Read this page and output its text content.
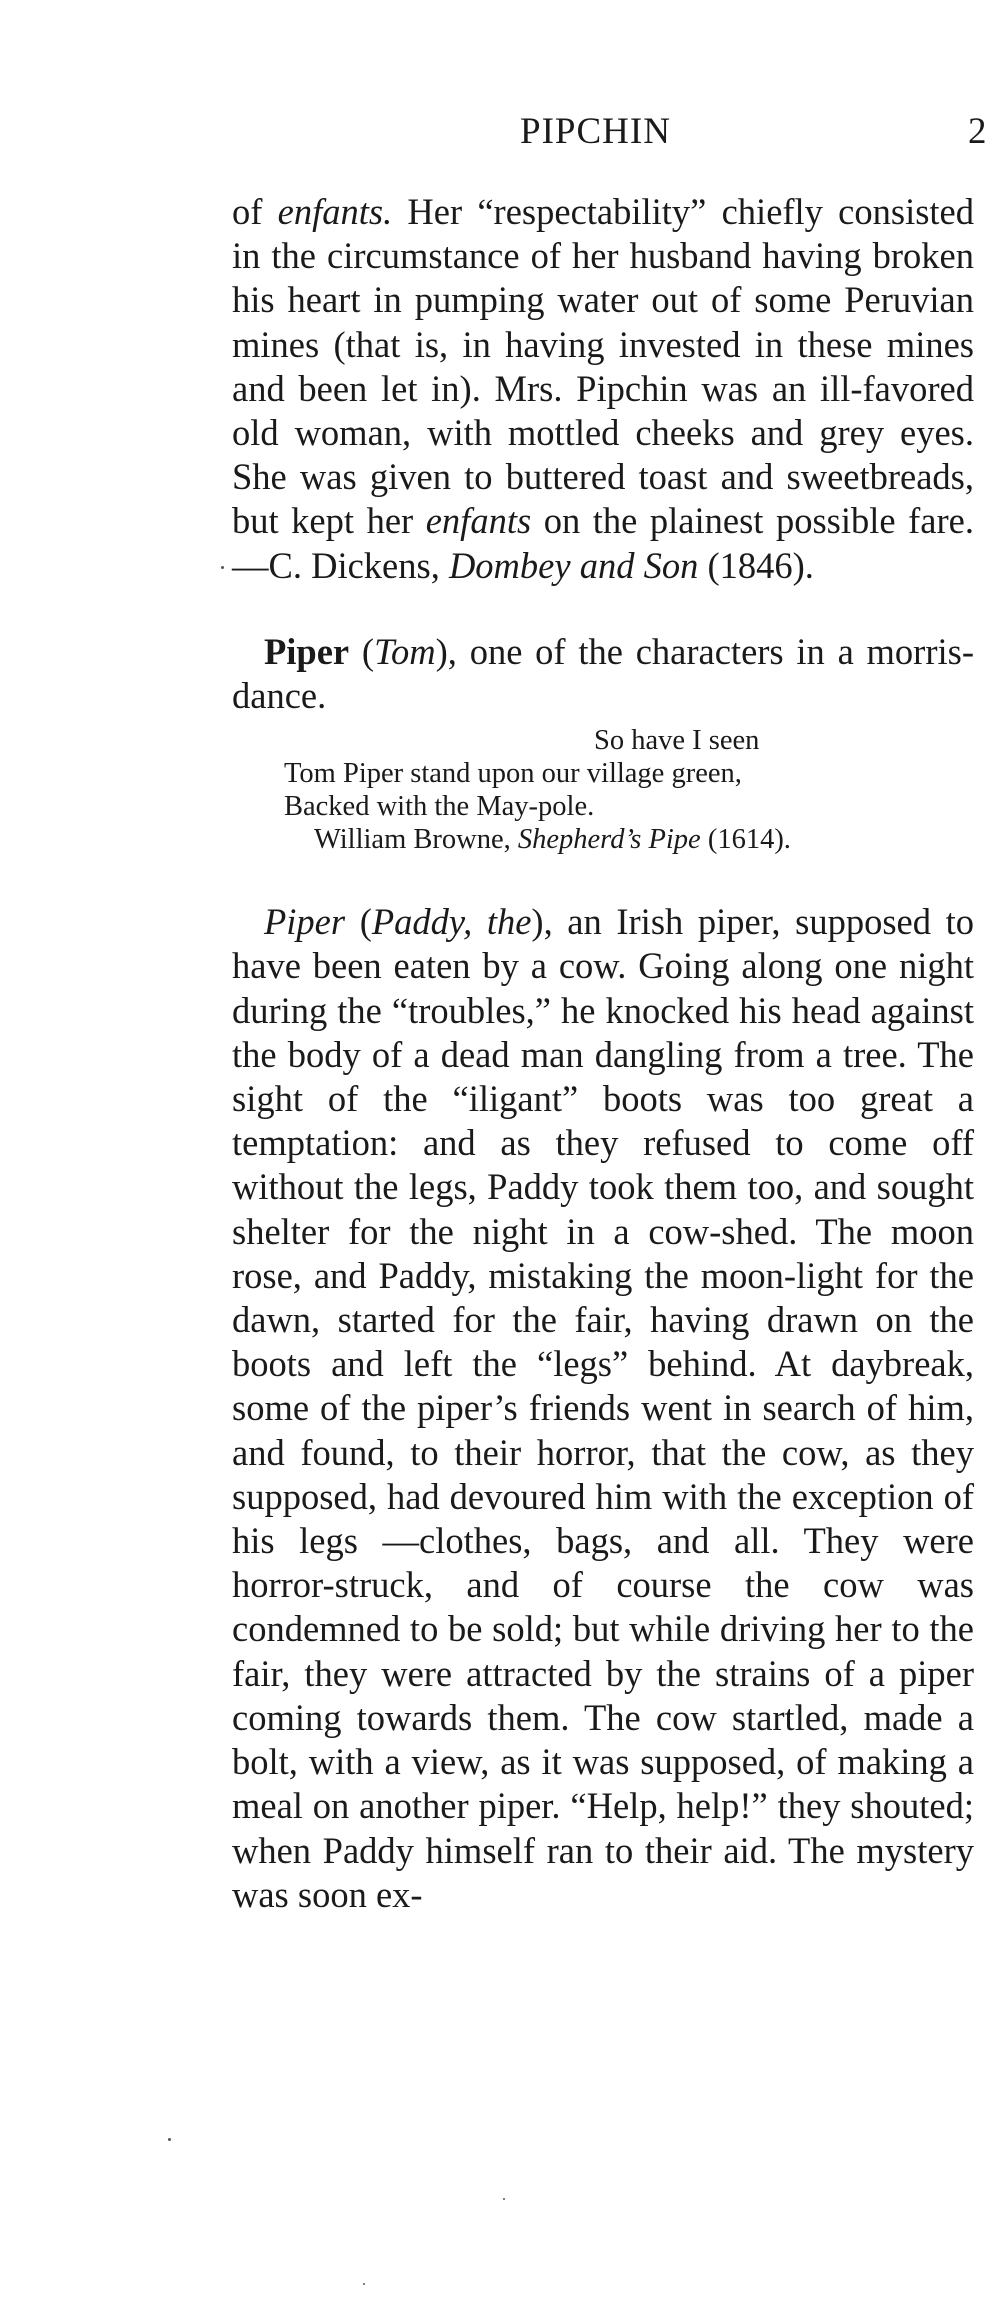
PIPCHIN	2

of enfants. Her “respectability” chiefly consisted in the circumstance of her husband having broken his heart in pumping water out of some Peruvian mines (that is, in having invested in these mines and been let in). Mrs. Pipchin was an ill-favored old woman, with mottled cheeks and grey eyes. She was given to buttered toast and sweetbreads, but kept her enfants on the plainest possible fare.—C. Dickens, Dombey and Son (1846).

Piper (Tom), one of the characters in a morris-dance.

So have I seen
Tom Piper stand upon our village green,
Backed with the May-pole.
William Browne, Shepherd’s Pipe (1614).

Piper (Paddy, the), an Irish piper, supposed to have been eaten by a cow. Going along one night during the “troubles,” he knocked his head against the body of a dead man dangling from a tree. The sight of the “iligant” boots was too great a temptation: and as they refused to come off without the legs, Paddy took them too, and sought shelter for the night in a cow-shed. The moon rose, and Paddy, mistaking the moon-light for the dawn, started for the fair, having drawn on the boots and left the “legs” behind. At daybreak, some of the piper’s friends went in search of him, and found, to their horror, that the cow, as they supposed, had devoured him with the exception of his legs —clothes, bags, and all. They were horror-struck, and of course the cow was condemned to be sold; but while driving her to the fair, they were attracted by the strains of a piper coming towards them. The cow startled, made a bolt, with a view, as it was supposed, of making a meal on another piper. “Help, help!” they shouted; when Paddy himself ran to their aid. The mystery was soon ex-
